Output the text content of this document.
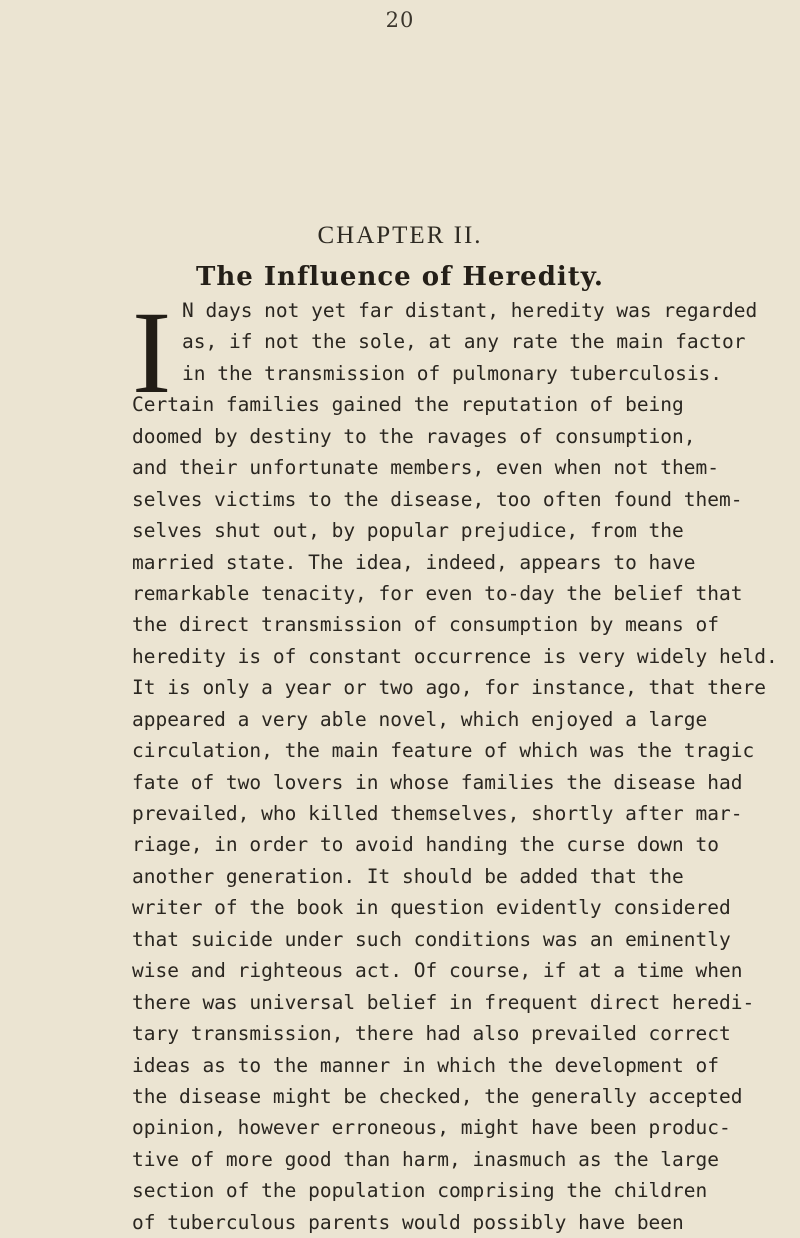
20
CHAPTER II.
The Influence of Heredity.
I N days not yet far distant, heredity was regarded
as, if not the sole, at any rate the main factor
in the transmission of pulmonary tuberculosis.
Certain families gained the reputation of being
doomed by destiny to the ravages of consumption,
and their unfortunate members, even when not them-
selves victims to the disease, too often found them-
selves shut out, by popular prejudice, from the
married state. The idea, indeed, appears to have
remarkable tenacity, for even to-day the belief that
the direct transmission of consumption by means of
heredity is of constant occurrence is very widely held.
It is only a year or two ago, for instance, that there
appeared a very able novel, which enjoyed a large
circulation, the main feature of which was the tragic
fate of two lovers in whose families the disease had
prevailed, who killed themselves, shortly after mar-
riage, in order to avoid handing the curse down to
another generation. It should be added that the
writer of the book in question evidently considered
that suicide under such conditions was an eminently
wise and righteous act. Of course, if at a time when
there was universal belief in frequent direct heredi-
tary transmission, there had also prevailed correct
ideas as to the manner in which the development of
the disease might be checked, the generally accepted
opinion, however erroneous, might have been produc-
tive of more good than harm, inasmuch as the large
section of the population comprising the children
of tuberculous parents would possibly have been
